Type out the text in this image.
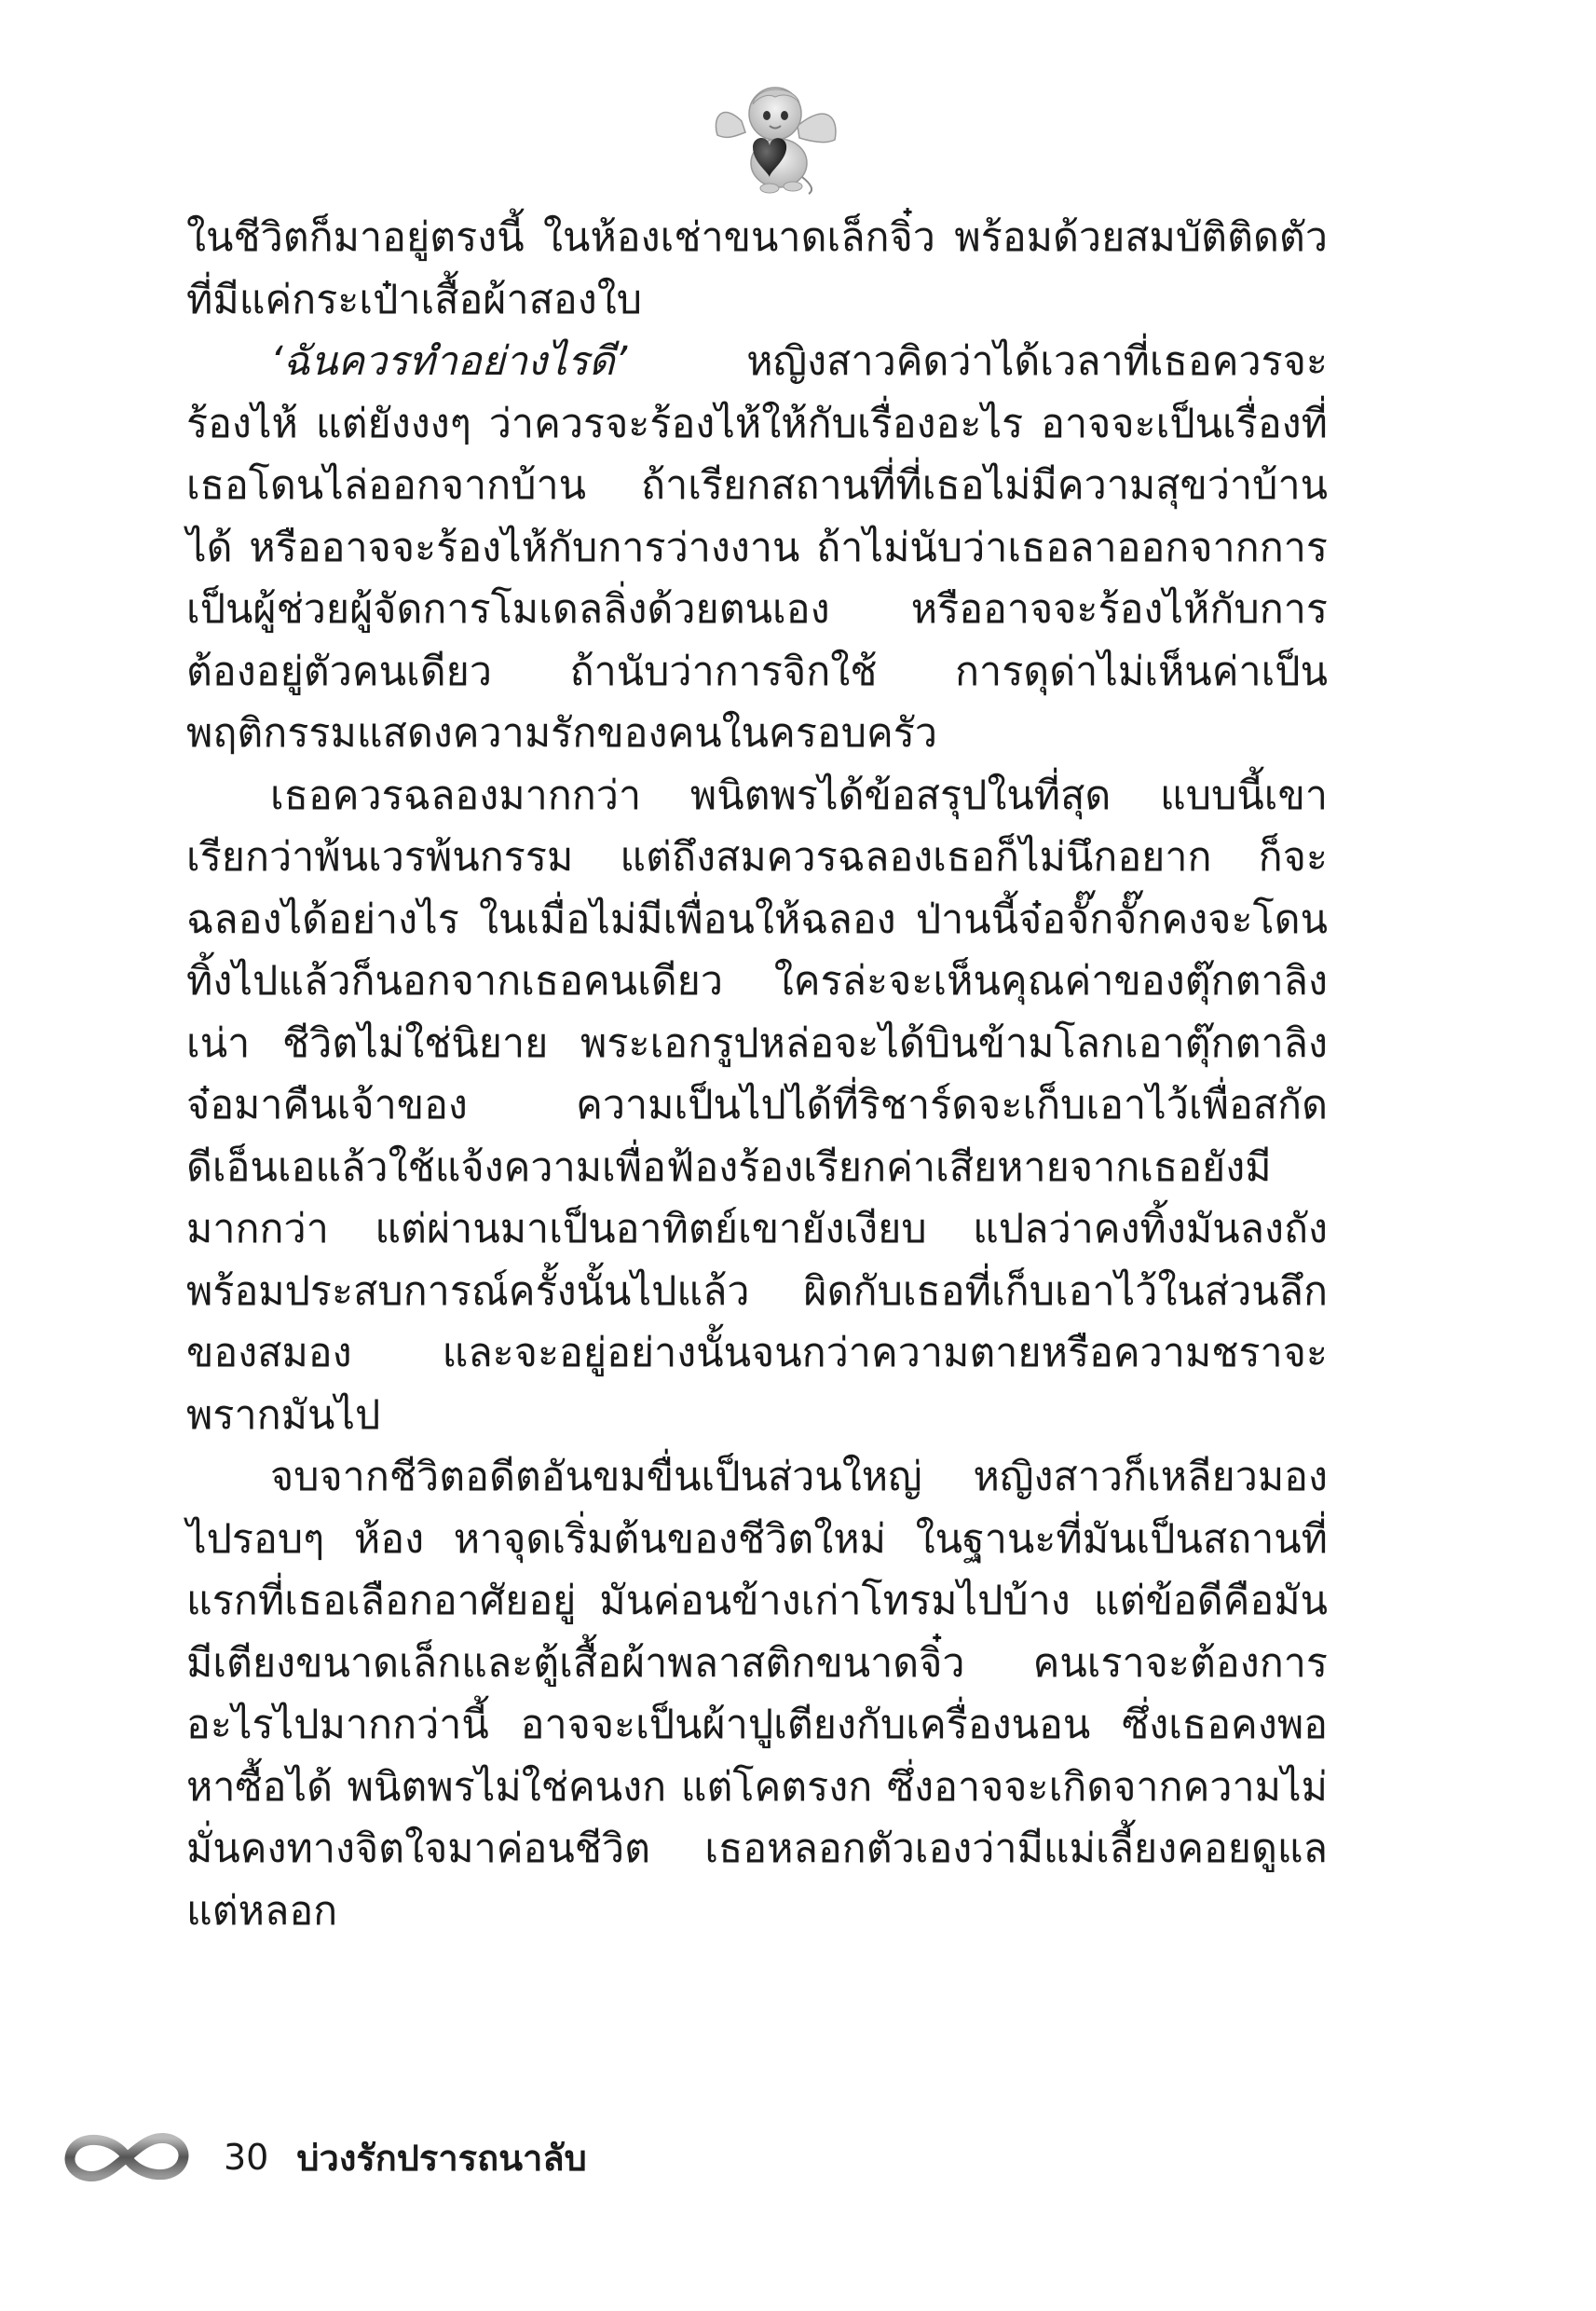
ในชีวิตก็มาอยู่ตรงนี้ ในห้องเช่าขนาดเล็กจิ๋ว พร้อมด้วยสมบัติติดตัวที่มีแค่กระเป๋าเสื้อผ้าสองใบ

‘ฉันควรทำอย่างไรดี’ หญิงสาวคิดว่าได้เวลาที่เธอควรจะร้องไห้ แต่ยังงงๆ ว่าควรจะร้องไห้ให้กับเรื่องอะไร อาจจะเป็นเรื่องที่เธอโดนไล่ออกจากบ้าน ถ้าเรียกสถานที่ที่เธอไม่มีความสุขว่าบ้านได้ หรืออาจจะร้องไห้กับการว่างงาน ถ้าไม่นับว่าเธอลาออกจากการเป็นผู้ช่วยผู้จัดการโมเดลลิ่งด้วยตนเอง หรืออาจจะร้องไห้กับการต้องอยู่ตัวคนเดียว ถ้านับว่าการจิกใช้ การดุด่าไม่เห็นค่าเป็นพฤติกรรมแสดงความรักของคนในครอบครัว

เธอควรฉลองมากกว่า พนิตพรได้ข้อสรุปในที่สุด แบบนี้เขาเรียกว่าพ้นเวรพ้นกรรม แต่ถึงสมควรฉลองเธอก็ไม่นึกอยาก ก็จะฉลองได้อย่างไร ในเมื่อไม่มีเพื่อนให้ฉลอง ป่านนี้จ๋อจั๊กจั๊กคงจะโดนทิ้งไปแล้วก็นอกจากเธอคนเดียว ใครล่ะจะเห็นคุณค่าของตุ๊กตาลิงเน่า ชีวิตไม่ใช่นิยาย พระเอกรูปหล่อจะได้บินข้ามโลกเอาตุ๊กตาลิงจ๋อมาคืนเจ้าของ ความเป็นไปได้ที่ริชาร์ดจะเก็บเอาไว้เพื่อสกัดดีเอ็นเอแล้วใช้แจ้งความเพื่อฟ้องร้องเรียกค่าเสียหายจากเธอยังมีมากกว่า แต่ผ่านมาเป็นอาทิตย์เขายังเงียบ แปลว่าคงทิ้งมันลงถังพร้อมประสบการณ์ครั้งนั้นไปแล้ว ผิดกับเธอที่เก็บเอาไว้ในส่วนลึกของสมอง และจะอยู่อย่างนั้นจนกว่าความตายหรือความชราจะพรากมันไป

จบจากชีวิตอดีตอันขมขื่นเป็นส่วนใหญ่ หญิงสาวก็เหลียวมองไปรอบๆ ห้อง หาจุดเริ่มต้นของชีวิตใหม่ ในฐานะที่มันเป็นสถานที่แรกที่เธอเลือกอาศัยอยู่ มันค่อนข้างเก่าโทรมไปบ้าง แต่ข้อดีคือมันมีเตียงขนาดเล็กและตู้เสื้อผ้าพลาสติกขนาดจิ๋ว คนเราจะต้องการอะไรไปมากกว่านี้ อาจจะเป็นผ้าปูเตียงกับเครื่องนอน ซึ่งเธอคงพอหาซื้อได้ พนิตพรไม่ใช่คนงก แต่โคตรงก ซึ่งอาจจะเกิดจากความไม่มั่นคงทางจิตใจมาค่อนชีวิต เธอหลอกตัวเองว่ามีแม่เลี้ยงคอยดูแล แต่หลอก

30 บ่วงรักปรารถนาลับ
